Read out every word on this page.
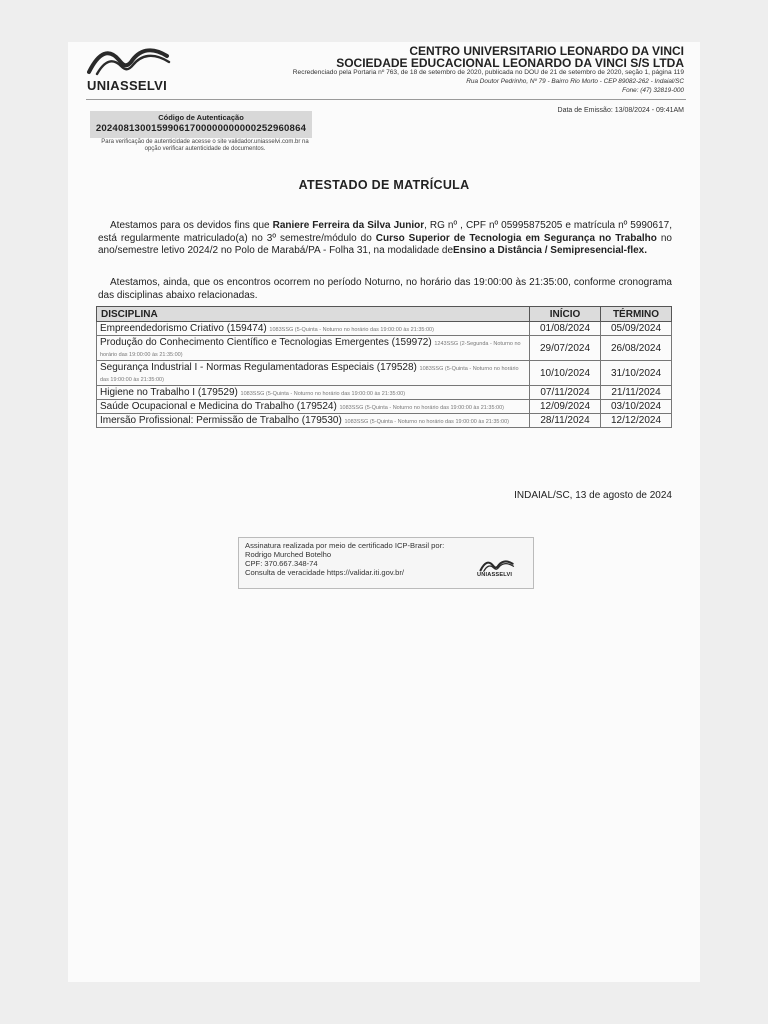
UNIASSELVI
CENTRO UNIVERSITARIO LEONARDO DA VINCI
SOCIEDADE EDUCACIONAL LEONARDO DA VINCI S/S LTDA
Recredenciado pela Portaria nº 763, de 18 de setembro de 2020, publicada no DOU de 21 de setembro de 2020, seção 1, página 119
Rua Doutor Pedrinho, Nº 79 - Bairro Rio Morto - CEP 89082-262 - Indaial/SC
Fone: (47) 32819-000
Código de Autenticação
20240813001599061700000000000252960864
Para verificação de autenticidade acesse o site validador.uniasselvi.com.br na opção verificar autenticidade de documentos.
Data de Emissão: 13/08/2024 - 09:41AM
ATESTADO DE MATRÍCULA
Atestamos para os devidos fins que Raniere Ferreira da Silva Junior, RG nº , CPF nº 05995875205 e matrícula nº 5990617, está regularmente matriculado(a) no 3º semestre/módulo do Curso Superior de Tecnologia em Segurança no Trabalho no ano/semestre letivo 2024/2 no Polo de Marabá/PA - Folha 31, na modalidade deEnsino a Distância / Semipresencial-flex.
Atestamos, ainda, que os encontros ocorrem no período Noturno, no horário das 19:00:00 às 21:35:00, conforme cronograma das disciplinas abaixo relacionadas.
DISCIPLINA	INÍCIO	TÉRMINO
Empreendedorismo Criativo (159474) 1083SSG (5-Quinta - Noturno no horário das 19:00:00 às 21:35:00)	01/08/2024	05/09/2024
Produção do Conhecimento Científico e Tecnologias Emergentes (159972) 1243SSG (2-Segunda - Noturno no horário das 19:00:00 às 21:35:00)	29/07/2024	26/08/2024
Segurança Industrial I - Normas Regulamentadoras Especiais (179528) 1083SSG (5-Quinta - Noturno no horário das 19:00:00 às 21:35:00)	10/10/2024	31/10/2024
Higiene no Trabalho I (179529) 1083SSG (5-Quinta - Noturno no horário das 19:00:00 às 21:35:00)	07/11/2024	21/11/2024
Saúde Ocupacional e Medicina do Trabalho (179524) 1083SSG (5-Quinta - Noturno no horário das 19:00:00 às 21:35:00)	12/09/2024	03/10/2024
Imersão Profissional: Permissão de Trabalho (179530) 1083SSG (5-Quinta - Noturno no horário das 19:00:00 às 21:35:00)	28/11/2024	12/12/2024
INDAIAL/SC, 13 de agosto de 2024
Assinatura realizada por meio de certificado ICP-Brasil por:
Rodrigo Murched Botelho
CPF: 370.667.348-74
Consulta de veracidade https://validar.iti.gov.br/	UNIASSELVI
